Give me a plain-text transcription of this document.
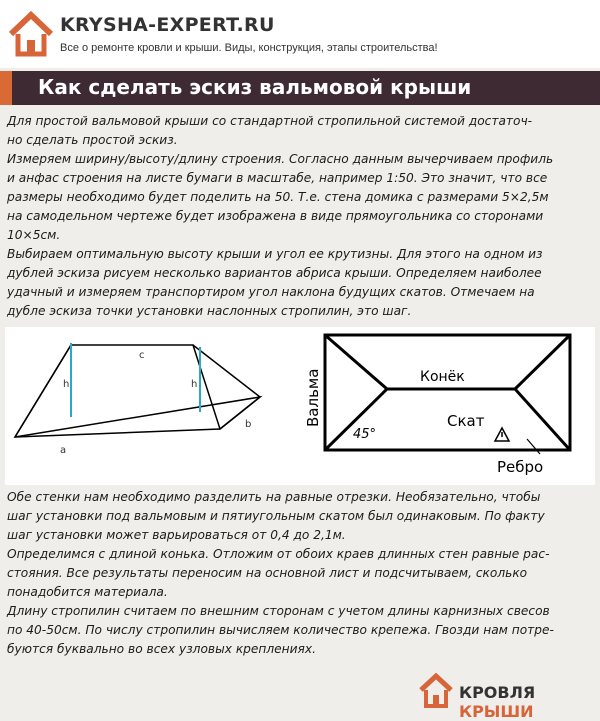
KRYSHA-EXPERT.RU
Все о ремонте кровли и крыши. Виды, конструкция, этапы строительства!
Как сделать эскиз вальмовой крыши

Для простой вальмовой крыши со стандартной стропильной системой достаточ-
но сделать простой эскиз.

Измеряем ширину/высоту/длину строения. Согласно данным вычерчиваем профиль
и анфас строения на листе бумаги в масштабе, например 1:50. Это значит, что все
размеры необходимо будет поделить на 50. Т.е. стена домика с размерами 5×2,5м
на самодельном чертеже будет изображена в виде прямоугольника со сторонами
10×5см.

Выбираем оптимальную высоту крыши и угол ее крутизны. Для этого на одном из
дублей эскиза рисуем несколько вариантов абриса крыши. Определяем наиболее
удачный и измеряем транспортиром угол наклона будущих скатов. Отмечаем на
дубле эскиза точки установки наслонных стропилин, это шаг.

c
h	h
a
b
Конёк
Скат
45°
Ребро
Вальма

Обе стенки нам необходимо разделить на равные отрезки. Необязательно, чтобы
шаг установки под вальмовым и пятиугольным скатом был одинаковым. По факту
шаг установки может варьироваться от 0,4 до 2,1м.

Определимся с длиной конька. Отложим от обоих краев длинных стен равные рас-
стояния. Все результаты переносим на основной лист и подсчитываем, сколько
понадобится материала.

Длину стропилин считаем по внешним сторонам с учетом длины карнизных свесов
по 40-50см. По числу стропилин вычисляем количество крепежа. Гвозди нам потре-
буются буквально во всех узловых креплениях.

КРОВЛЯ КРЫШИ
